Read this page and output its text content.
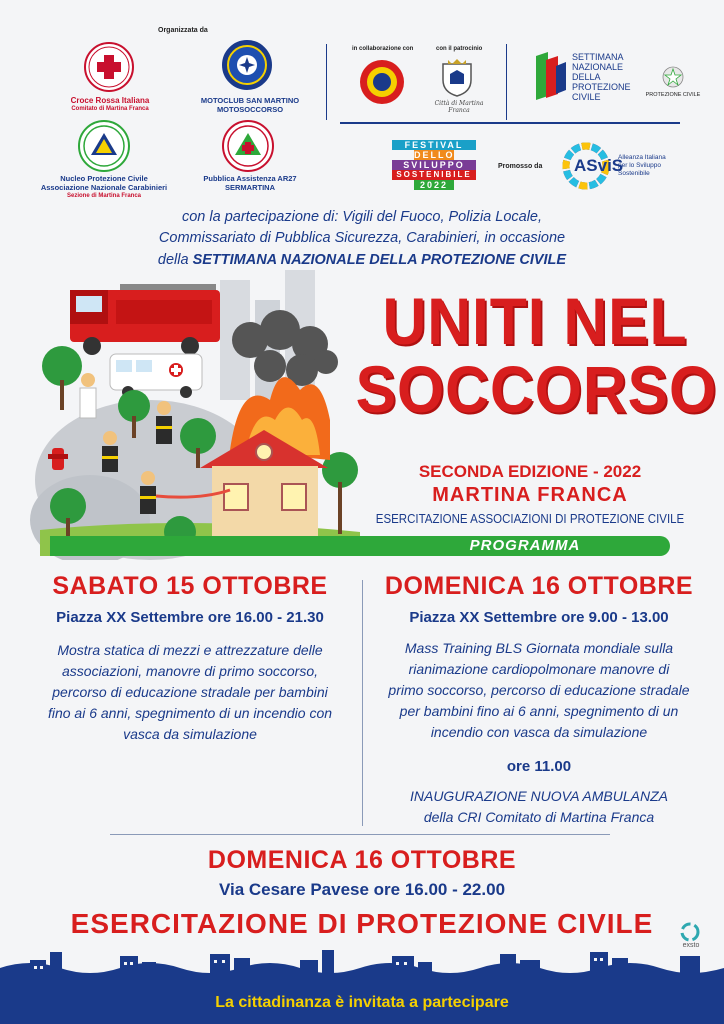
Organizzata da
Croce Rossa Italiana
Comitato di Martina Franca
MOTOCLUB SAN MARTINO
MOTOSOCCORSO
Nucleo Protezione Civile
Associazione Nazionale Carabinieri
Sezione di Martina Franca
Pubblica Assistenza AR27
SERMARTINA
in collaborazione con	con il patrocinio
Città di Martina Franca
SETTIMANA
NAZIONALE
DELLA
PROTEZIONE
CIVILE	PROTEZIONE CIVILE
FESTIVAL
DELLO
SVILUPPO
SOSTENIBILE
2022
Promosso da ASviS
Alleanza Italiana
per lo Sviluppo
Sostenibile
con la partecipazione di: Vigili del Fuoco, Polizia Locale,
Commissariato di Pubblica Sicurezza, Carabinieri, in occasione
della SETTIMANA NAZIONALE DELLA PROTEZIONE CIVILE
UNITI NEL
SOCCORSO
SECONDA EDIZIONE - 2022
MARTINA FRANCA
ESERCITAZIONE ASSOCIAZIONI DI PROTEZIONE CIVILE
PROGRAMMA
SABATO 15 OTTOBRE
Piazza XX Settembre ore 16.00 - 21.30
Mostra statica di mezzi e attrezzature delle
associazioni, manovre di primo soccorso,
percorso di educazione stradale per bambini
fino ai 6 anni, spegnimento di un incendio con
vasca da simulazione
DOMENICA 16 OTTOBRE
Piazza XX Settembre ore 9.00 - 13.00
Mass Training BLS Giornata mondiale sulla
rianimazione cardiopolmonare manovre di
primo soccorso, percorso di educazione stradale
per bambini fino ai 6 anni, spegnimento di un
incendio con vasca da simulazione
ore 11.00
INAUGURAZIONE NUOVA AMBULANZA
della CRI Comitato di Martina Franca
DOMENICA 16 OTTOBRE
Via Cesare Pavese ore 16.00 - 22.00
ESERCITAZIONE DI PROTEZIONE CIVILE
exsto
La cittadinanza è invitata a partecipare
